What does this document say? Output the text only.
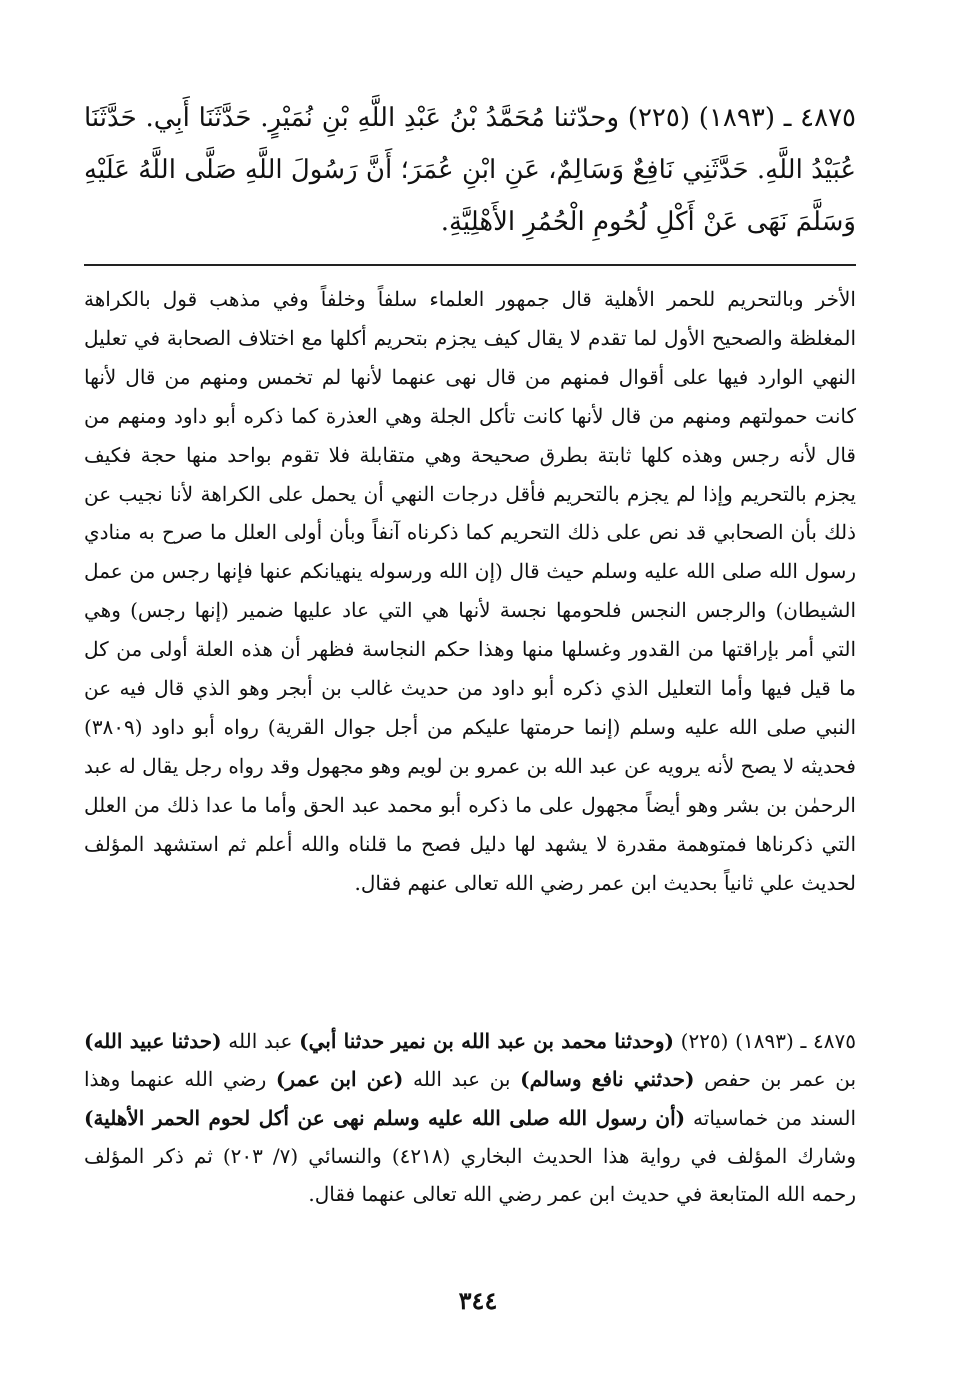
٤٨٧٥ ـ (١٨٩٣) (٢٢٥) وحدّثنا مُحَمَّدُ بْنُ عَبْدِ اللَّهِ بْنِ نُمَيْرٍ. حَدَّثَنَا أَبِي. حَدَّثَنَا عُبَيْدُ اللَّهِ. حَدَّثَنِي نَافِعٌ وَسَالِمٌ، عَنِ ابْنِ عُمَرَ؛ أَنَّ رَسُولَ اللَّهِ صَلَّى اللَّهُ عَلَيْهِ وَسَلَّمَ نَهَى عَنْ أَكْلِ لُحُومِ الْحُمُرِ الأَهْلِيَّةِ.

الأخر وبالتحريم للحمر الأهلية قال جمهور العلماء سلفاً وخلفاً وفي مذهب قول بالكراهة المغلظة والصحيح الأول لما تقدم لا يقال كيف يجزم بتحريم أكلها مع اختلاف الصحابة في تعليل النهي الوارد فيها على أقوال فمنهم من قال نهى عنهما لأنها لم تخمس ومنهم من قال لأنها كانت حمولتهم ومنهم من قال لأنها كانت تأكل الجلة وهي العذرة كما ذكره أبو داود ومنهم من قال لأنه رجس وهذه كلها ثابتة بطرق صحيحة وهي متقابلة فلا تقوم بواحد منها حجة فكيف يجزم بالتحريم وإذا لم يجزم بالتحريم فأقل درجات النهي أن يحمل على الكراهة لأنا نجيب عن ذلك بأن الصحابي قد نص على ذلك التحريم كما ذكرناه آنفاً وبأن أولى العلل ما صرح به منادي رسول الله صلى الله عليه وسلم حيث قال (إن الله ورسوله ينهيانكم عنها فإنها رجس من عمل الشيطان) والرجس النجس فلحومها نجسة لأنها هي التي عاد عليها ضمير (إنها رجس) وهي التي أمر بإراقتها من القدور وغسلها منها وهذا حكم النجاسة فظهر أن هذه العلة أولى من كل ما قيل فيها وأما التعليل الذي ذكره أبو داود من حديث غالب بن أبجر وهو الذي قال فيه عن النبي صلى الله عليه وسلم (إنما حرمتها عليكم من أجل جوال القرية) رواه أبو داود (٣٨٠٩) فحديثه لا يصح لأنه يرويه عن عبد الله بن عمرو بن لويم وهو مجهول وقد رواه رجل يقال له عبد الرحمٰن بن بشر وهو أيضاً مجهول على ما ذكره أبو محمد عبد الحق وأما ما عدا ذلك من العلل التي ذكرناها فمتوهمة مقدرة لا يشهد لها دليل فصح ما قلناه والله أعلم ثم استشهد المؤلف لحديث علي ثانياً بحديث ابن عمر رضي الله تعالى عنهم فقال.

٤٨٧٥ ـ (١٨٩٣) (٢٢٥) (وحدثنا محمد بن عبد الله بن نمير حدثنا أبي) عبد الله (حدثنا عبيد الله) بن عمر بن حفص (حدثني نافع وسالم) بن عبد الله (عن ابن عمر) رضي الله عنهما وهذا السند من خماسياته (أن رسول الله صلى الله عليه وسلم نهى عن أكل لحوم الحمر الأهلية) وشارك المؤلف في رواية هذا الحديث البخاري (٤٢١٨) والنسائي (٧/ ٢٠٣) ثم ذكر المؤلف رحمه الله المتابعة في حديث ابن عمر رضي الله تعالى عنهما فقال.

٣٤٤
